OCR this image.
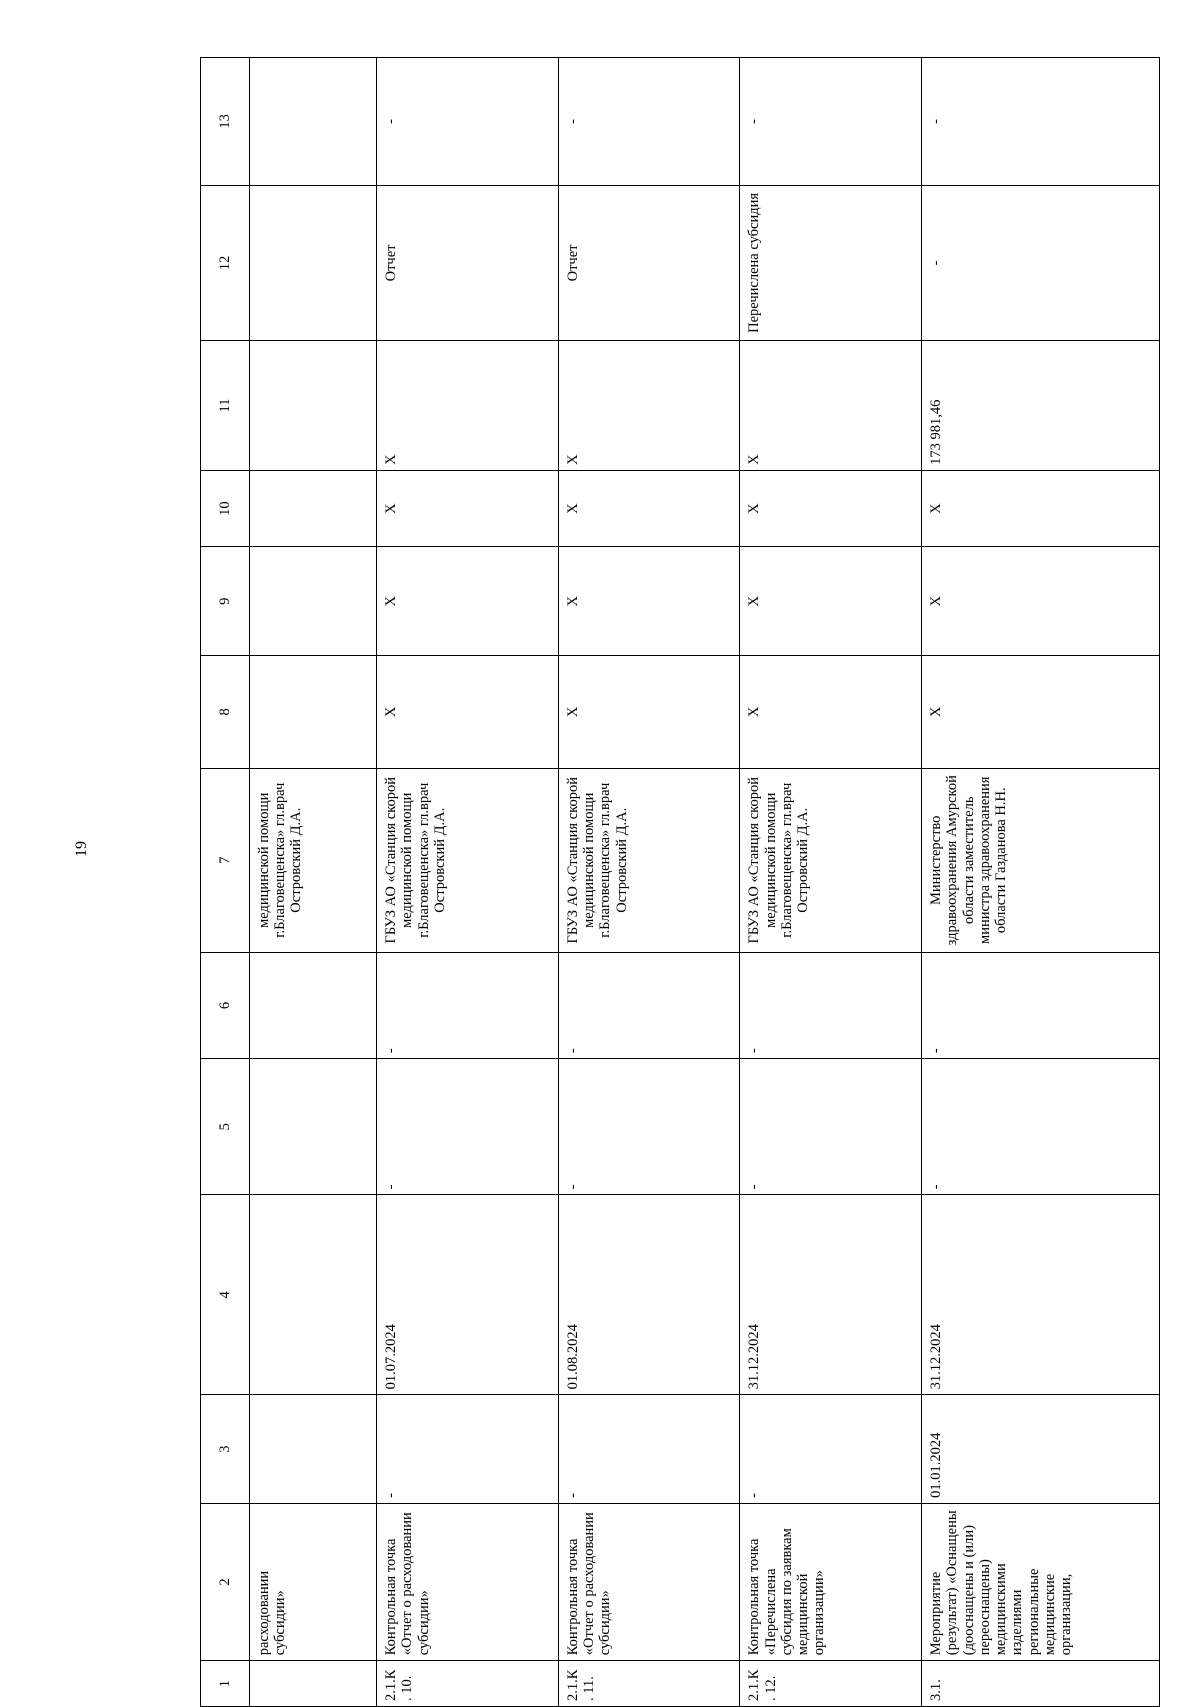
19
1	2	3	4	5	6	7	8	9	10	11	12	13
	расходовании субсидии»					медицинской помощи г.Благовещенска» гл.врач Островский Д.А.						
2.1.К. 10.	Контрольная точка «Отчет о расходовании субсидии»	-	01.07.2024	-	-	ГБУЗ АО «Станция скорой медицинской помощи г.Благовещенска» гл.врач Островский Д.А.	X	X	X	X	Отчет	-
2.1.К. 11.	Контрольная точка «Отчет о расходовании субсидии»	-	01.08.2024	-	-	ГБУЗ АО «Станция скорой медицинской помощи г.Благовещенска» гл.врач Островский Д.А.	X	X	X	X	Отчет	-
2.1.К. 12.	Контрольная точка «Перечислена субсидия по заявкам медицинской организации»	-	31.12.2024	-	-	ГБУЗ АО «Станция скорой медицинской помощи г.Благовещенска» гл.врач Островский Д.А.	X	X	X	X	Перечислена субсидия	-
3.1.	Мероприятие (результат) «Оснащены (дооснащены и (или) переоснащены) медицинскими изделиями региональные медицинские организации,	01.01.2024	31.12.2024	-	-	Министерство здравоохранения Амурской области заместитель министра здравоохранения области Газданова Н.Н.	X	X	X	173 981,46	-	-
